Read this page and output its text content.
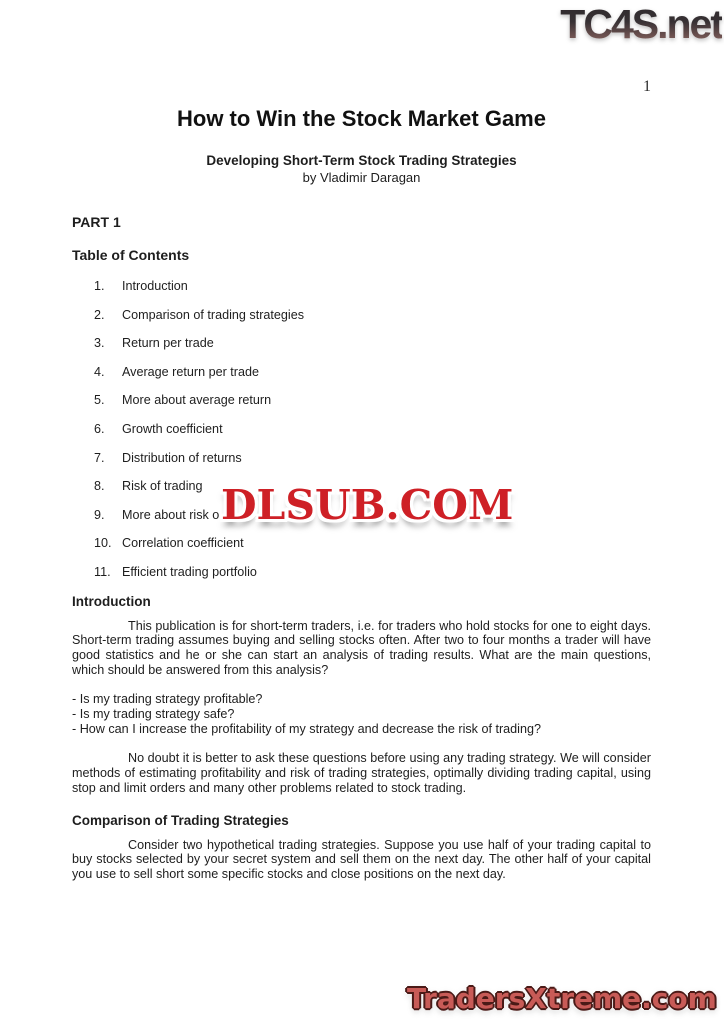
TC4S.net
1
How to Win the Stock Market Game
Developing Short-Term Stock Trading Strategies
by Vladimir Daragan
PART 1
Table of Contents
1.	Introduction
2.	Comparison of trading strategies
3.	Return per trade
4.	Average return per trade
5.	More about average return
6.	Growth coefficient
7.	Distribution of returns
8.	Risk of trading
9.	More about risk o
10. Correlation coefficient
11. Efficient trading portfolio
Introduction
This publication is for short-term traders, i.e. for traders who hold stocks for one to eight days. Short-term trading assumes buying and selling stocks often. After two to four months a trader will have good statistics and he or she can start an analysis of trading results. What are the main questions, which should be answered from this analysis?
- Is my trading strategy profitable?
- Is my trading strategy safe?
- How can I increase the profitability of my strategy and decrease the risk of trading?
No doubt it is better to ask these questions before using any trading strategy. We will consider methods of estimating profitability and risk of trading strategies, optimally dividing trading capital, using stop and limit orders and many other problems related to stock trading.
Comparison of Trading Strategies
Consider two hypothetical trading strategies. Suppose you use half of your trading capital to buy stocks selected by your secret system and sell them on the next day. The other half of your capital you use to sell short some specific stocks and close positions on the next day.
DLSUB.COM
TradersXtreme.com
